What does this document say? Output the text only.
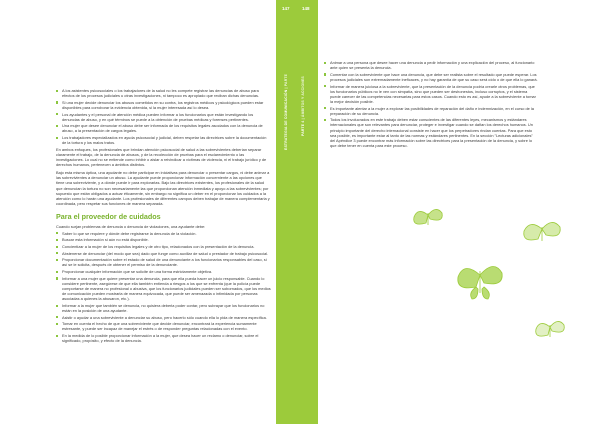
A los asistentes psicosociales o los trabajadores de la salud no les compete registrar las denuncias de abuso para efectos de los procesos judiciales u otras investigaciones, ni tampoco es apropiado que reciban dichas denuncias.
Si una mujer decide denunciar los abusos cometidos en su contra, los registros médicos y psicológicos pueden estar disponibles para corroborar la evidencia obtenida, si la mujer interesada así lo desea.
Los ayudantes y el personal de atención médica pueden informar a los funcionarios que están investigando los denuncias de abuso, y en qué términos se puede a la obtención de pruebas médicas y forenses pertinentes.
Una mujer que desee denunciar el abuso debe ser informada de los requisitos legales asociados con la denuncia de abuso, a la presentación de cargos legales.
Los trabajadores especializados en ayuda psicosocial y judicial, deben respetar las directrices sobre la documentación de la tortura y los malos tratos.

En ambos enfoques, los profesionales que brindan atención psicosocial de salud a las sobrevivientes deberían separar claramente el trabajo, de la denuncia de abusos, y de la recolección de pruebas para el esclarecimiento o las investigaciones. Lo cual no se entiende como inhibir o aislar a reivindicar a víctimas de violencia, ni el trabajo jurídico y de derechos humanos, pertenecen a ámbitos distintos.

Bajo esta misma óptica, una ayudante no debe participar en iniciativas para denunciar o presentar cargos, ni debe animar a las sobrevivientes a denunciar un abuso. La ayudante puede proporcionar información concerniente a las opciones que tiene una sobreviviente, y a dónde puede ir para explorarlas. Bajo las directrices existentes, los profesionales de la salud que denuncian la tortura no son necesariamente las que proporcionan atención inmediata y apoyo a las sobrevivientes; por supuesto que están obligados a actuar éticamente, sin embargo no significa un deber en el proporcionar los cuidados a la atención como lo harán una ayudante. Los profesionales de diferentes campos deben trabajar de manera complementaria y coordinada, pero respetar sus funciones de manera separada.

Para el proveedor de cuidados

Cuando surjan problemas de denuncia o denuncia de violaciones, una ayudante debe:

Saber lo que se requiere y dónde debe registrarse la denuncia de la violación.
Buscar esta información si aún no está disponible.
Concientizar a la mujer de los requisitos legales y de otro tipo, relacionados con la presentación de la denuncia.
Abstenerse de denunciar (del modo que sea) dado que funge como auxiliar de salud o prestador de trabajo psicosocial.
Proporcionar documentación sobre el estado de salud de una denunciante a los funcionarios responsables del caso, sí así se le solicita, después de obtener el permiso de la denunciante.
Proporcionar cualquier información que se solicite de una forma estrictamente objetiva.
Informar a una mujer que quiere presentar una denuncia, para que ella pueda hacer un juicio responsable. Cuando lo considere pertinente, asegúrese de que ella también entienda a riesgos a los que se enfrenta (que la policía puede comportarse de manera no profesional o abusiva, que los funcionarios judiciales pueden ser sobornados, que los medios de comunicación pueden mostrarla de manera equivocada, que puede ser amenazada o intimidada por personas asociadas a quienes la abusaron, etc.).
Informar a la mujer que también se denuncia, no quisiera deberla poder contar, pero subrayar que los funcionarios no están en la posición de una ayudante.
Asistir o ayudar a una sobreviviente a denunciar su abuso, pero hacerlo sólo cuando ella lo pida de manera específica.
Tomar en cuenta el hecho de que una sobreviviente que decide denunciar, encontrará la experiencia sumamente estresante, y puede ser incapaz de manejar el estrés o de responder preguntas relacionadas con el evento.
En la medida de lo posible proporcionar información a la mujer, que desea hacer un reclamo o denunciar, sobre el significado, propósito, y efecto de la denuncia.
147	148
ESTRATEGIA DE COMUNICACIÓN | PARTE
PARTE 4 | ÁMBITOS Y ACCIONES
Animar a una persona que desee hacer una denuncia a pedir información y una explicación del proceso, al funcionario ante quien se presenta la denuncia.
Comentar con la sobreviviente que hace una denuncia, que debe ser realista sobre el resultado que puede esperar. Los procesos judiciales son extremadamente ineficaces, y no hay garantía de que su caso será oído o de que ella lo ganará.
Informar de manera juiciosa a la sobreviviente, que la presentación de la denuncia podría crearle otros problemas, que los funcionarios públicos no le ven con simpatía, sino que pueden ser deshonestos, incluso corruptos, y el sistema puede carecer de las competencias necesarias para estos casos. Cuando esto es así, ayude a la sobreviviente a tomar la mejor decisión posible.
Es importante alentar a la mujer a explorar las posibilidades de reparación del daño e indemnización, en el curso de la preparación de su denuncia.
Todos los involucrados en este trabajo deben estar conscientes de las diferentes leyes, mecanismos y estándares internacionales que son relevantes para denunciar, proteger e investigar cuando se dañan los derechos humanos. Un principio importante del derecho internacional consiste en hacer que los perpetradores rindan cuentas. Para que esto sea posible, es importante estar al tanto de las normas y estándares pertinentes. En la sección "Lecturas adicionales" del Apéndice 3 puede encontrar más información sobre las directrices para la presentación de la denuncia, y sobre lo que debe tener en cuenta para este proceso.
